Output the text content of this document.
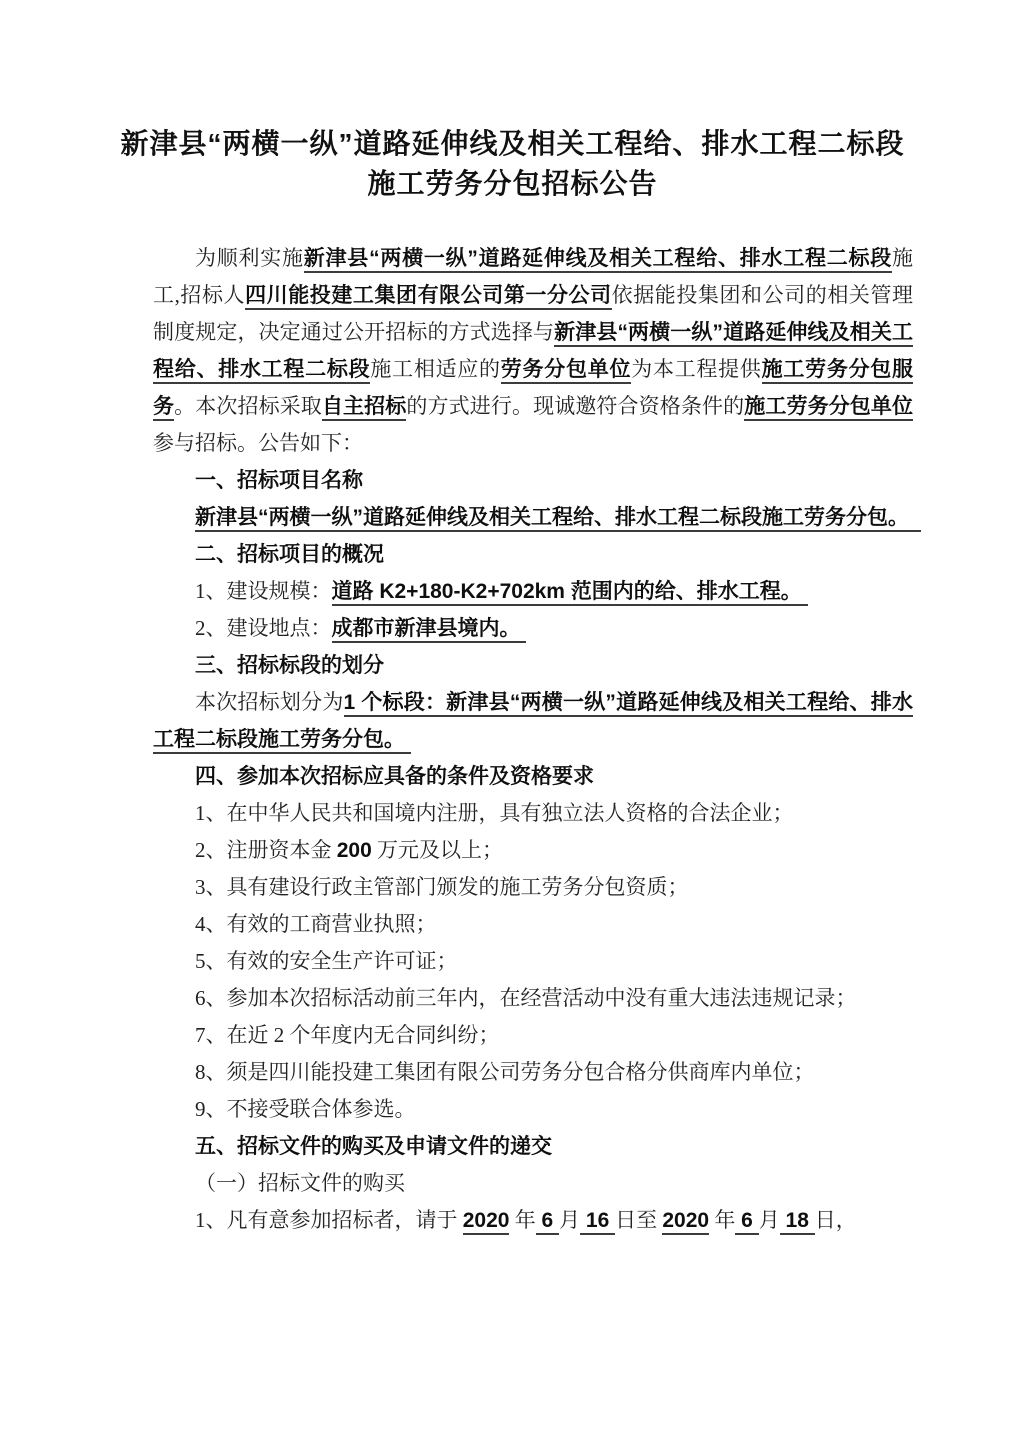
新津县“两横一纵”道路延伸线及相关工程给、排水工程二标段
施工劳务分包招标公告

为顺利实施新津县“两横一纵”道路延伸线及相关工程给、排水工程二标段施工,招标人四川能投建工集团有限公司第一分公司依据能投集团和公司的相关管理制度规定，决定通过公开招标的方式选择与新津县“两横一纵”道路延伸线及相关工程给、排水工程二标段施工相适应的劳务分包单位为本工程提供施工劳务分包服务。本次招标采取自主招标的方式进行。现诚邀符合资格条件的施工劳务分包单位参与招标。公告如下：

一、招标项目名称

新津县“两横一纵”道路延伸线及相关工程给、排水工程二标段施工劳务分包。

二、招标项目的概况

1、建设规模：道路 K2+180-K2+702km 范围内的给、排水工程。

2、建设地点：成都市新津县境内。

三、招标标段的划分

本次招标划分为1 个标段：新津县“两横一纵”道路延伸线及相关工程给、排水工程二标段施工劳务分包。

四、参加本次招标应具备的条件及资格要求

1、在中华人民共和国境内注册，具有独立法人资格的合法企业；

2、注册资本金 200 万元及以上；

3、具有建设行政主管部门颁发的施工劳务分包资质；

4、有效的工商营业执照；

5、有效的安全生产许可证；

6、参加本次招标活动前三年内，在经营活动中没有重大违法违规记录；

7、在近 2 个年度内无合同纠纷；

8、须是四川能投建工集团有限公司劳务分包合格分供商库内单位；

9、不接受联合体参选。

五、招标文件的购买及申请文件的递交

（一）招标文件的购买

1、凡有意参加招标者，请于 2020 年 6 月 16 日至 2020 年 6 月 18 日，
